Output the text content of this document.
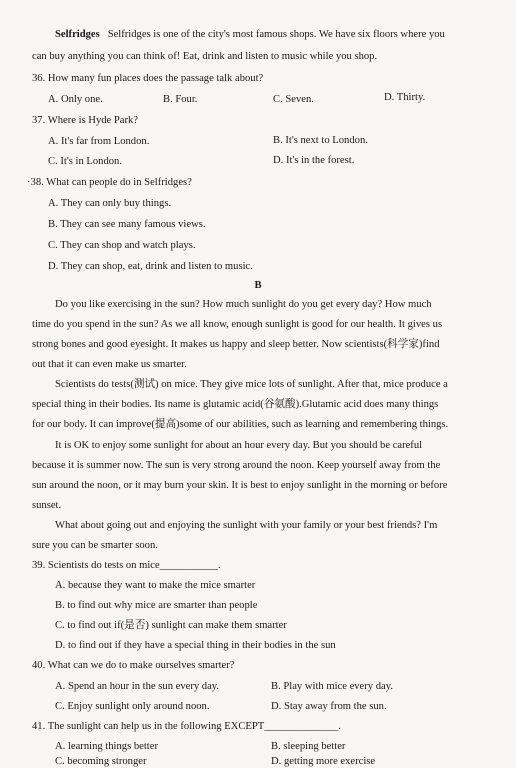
Selfridges Selfridges is one of the city's most famous shops. We have six floors where you
can buy anything you can think of! Eat, drink and listen to music while you shop.
36. How many fun places does the passage talk about?
A. Only one.	B. Four.	C. Seven.	D. Thirty.
37. Where is Hyde Park?
A. It's far from London.	B. It's next to London.
C. It's in London.	D. It's in the forest.
·38. What can people do in Selfridges?
A. They can only buy things.
B. They can see many famous views.
C. They can shop and watch plays.
D. They can shop, eat, drink and listen to music.
B
Do you like exercising in the sun? How much sunlight do you get every day? How much
time do you spend in the sun? As we all know, enough sunlight is good for our health. It gives us
strong bones and good eyesight. It makes us happy and sleep better. Now scientists(科学家)find
out that it can even make us smarter.
Scientists do tests(测试) on mice. They give mice lots of sunlight. After that, mice produce a
special thing in their bodies. Its name is glutamic acid(谷氨酸).Glutamic acid does many things
for our body. It can improve(提高)some of our abilities, such as learning and remembering things.
It is OK to enjoy some sunlight for about an hour every day. But you should be careful
because it is summer now. The sun is very strong around the noon. Keep yourself away from the
sun around the noon, or it may burn your skin. It is best to enjoy sunlight in the morning or before
sunset.
What about going out and enjoying the sunlight with your family or your best friends? I'm
sure you can be smarter soon.
39. Scientists do tests on mice___________.
A. because they want to make the mice smarter
B. to find out why mice are smarter than people
C. to find out if(是否) sunlight can make them smarter
D. to find out if they have a special thing in their bodies in the sun
40. What can we do to make ourselves smarter?
A. Spend an hour in the sun every day.	B. Play with mice every day.
C. Enjoy sunlight only around noon.	D. Stay away from the sun.
41. The sunlight can help us in the following EXCEPT______________.
A. learning things better	B. sleeping better
C. becoming stronger	D. getting more exercise
